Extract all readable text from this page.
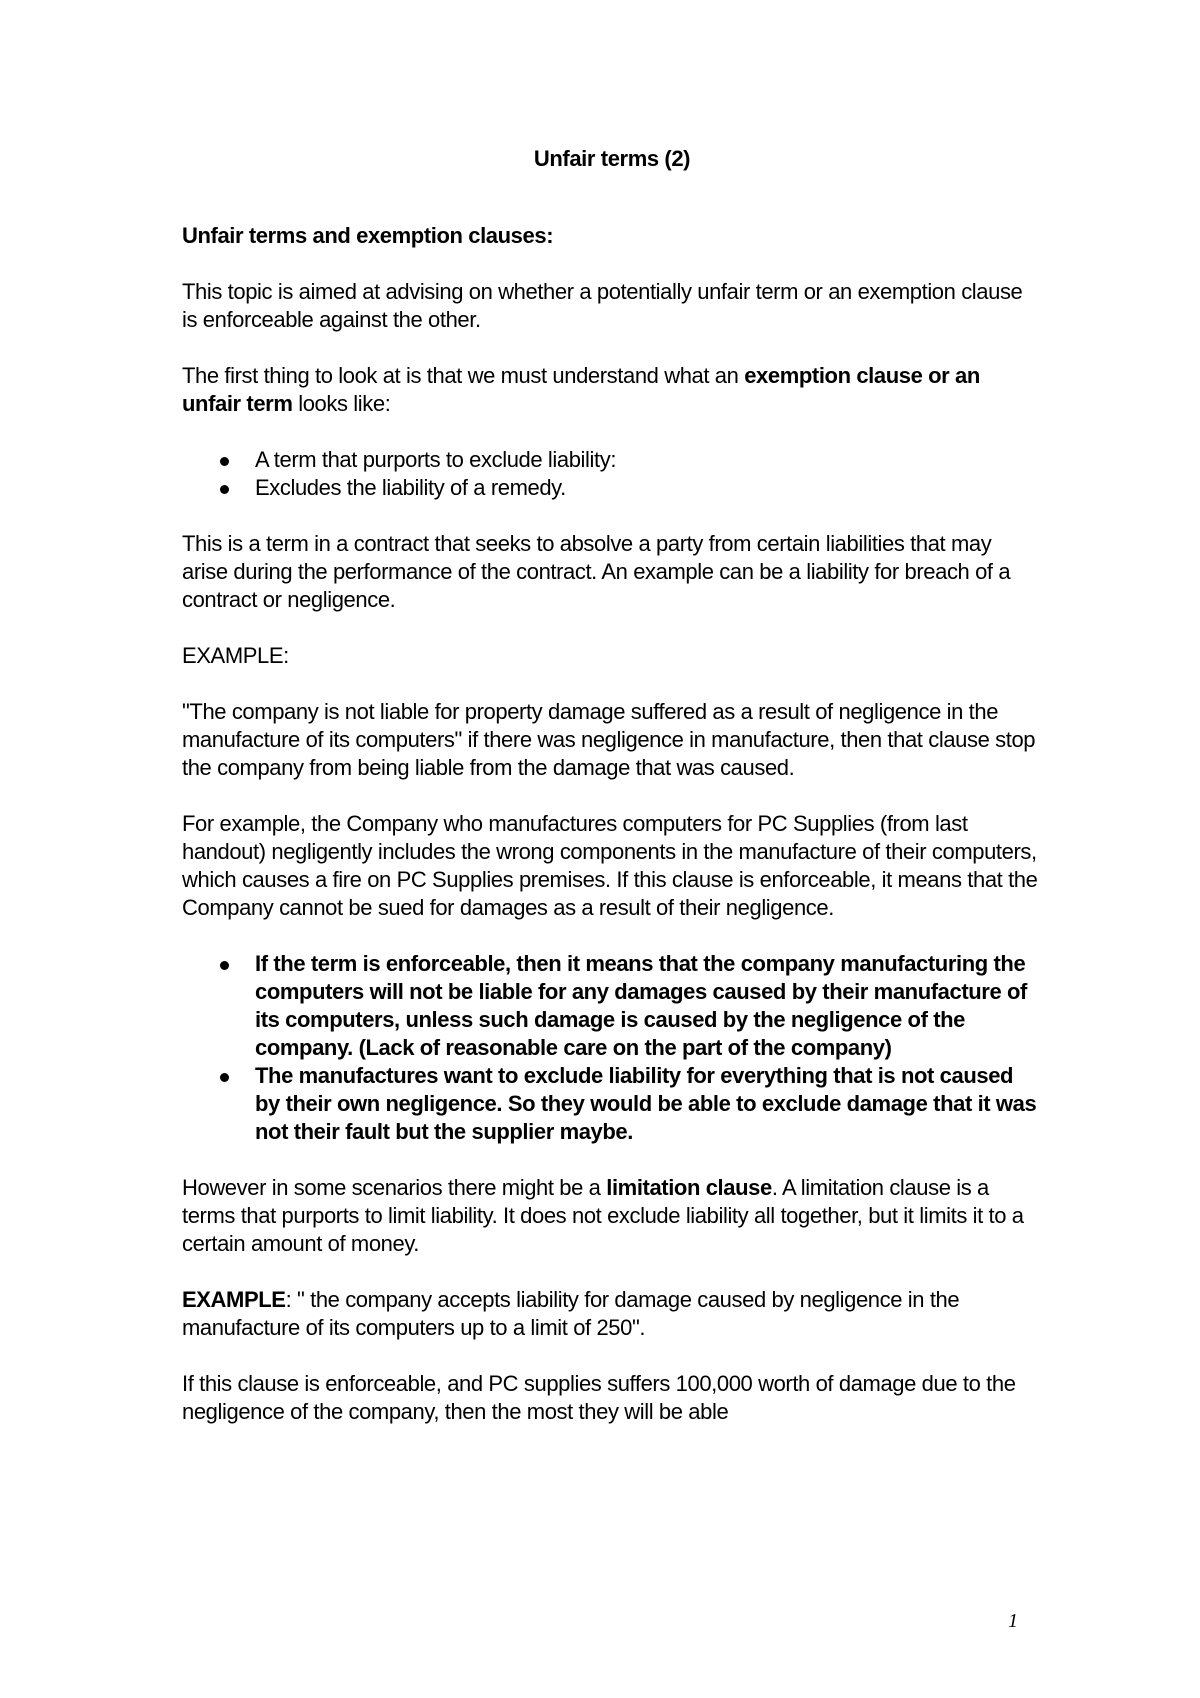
Unfair terms (2)
Unfair terms and exemption clauses:

This topic is aimed at advising on whether a potentially unfair term or an exemption clause is enforceable against the other.

The first thing to look at is that we must understand what an exemption clause or an unfair term looks like:

A term that purports to exclude liability:
Excludes the liability of a remedy.

This is a term in a contract that seeks to absolve a party from certain liabilities that may arise during the performance of the contract. An example can be a liability for breach of a contract or negligence.

EXAMPLE:

"The company is not liable for property damage suffered as a result of negligence in the manufacture of its computers" if there was negligence in manufacture, then that clause stop the company from being liable from the damage that was caused.

For example, the Company who manufactures computers for PC Supplies (from last handout) negligently includes the wrong components in the manufacture of their computers, which causes a fire on PC Supplies premises. If this clause is enforceable, it means that the Company cannot be sued for damages as a result of their negligence.

If the term is enforceable, then it means that the company manufacturing the computers will not be liable for any damages caused by their manufacture of its computers, unless such damage is caused by the negligence of the company. (Lack of reasonable care on the part of the company)
The manufactures want to exclude liability for everything that is not caused by their own negligence. So they would be able to exclude damage that it was not their fault but the supplier maybe.

However in some scenarios there might be a limitation clause. A limitation clause is a terms that purports to limit liability. It does not exclude liability all together, but it limits it to a certain amount of money.

EXAMPLE: " the company accepts liability for damage caused by negligence in the manufacture of its computers up to a limit of 250".

If this clause is enforceable, and PC supplies suffers 100,000 worth of damage due to the negligence of the company, then the most they will be able

1
